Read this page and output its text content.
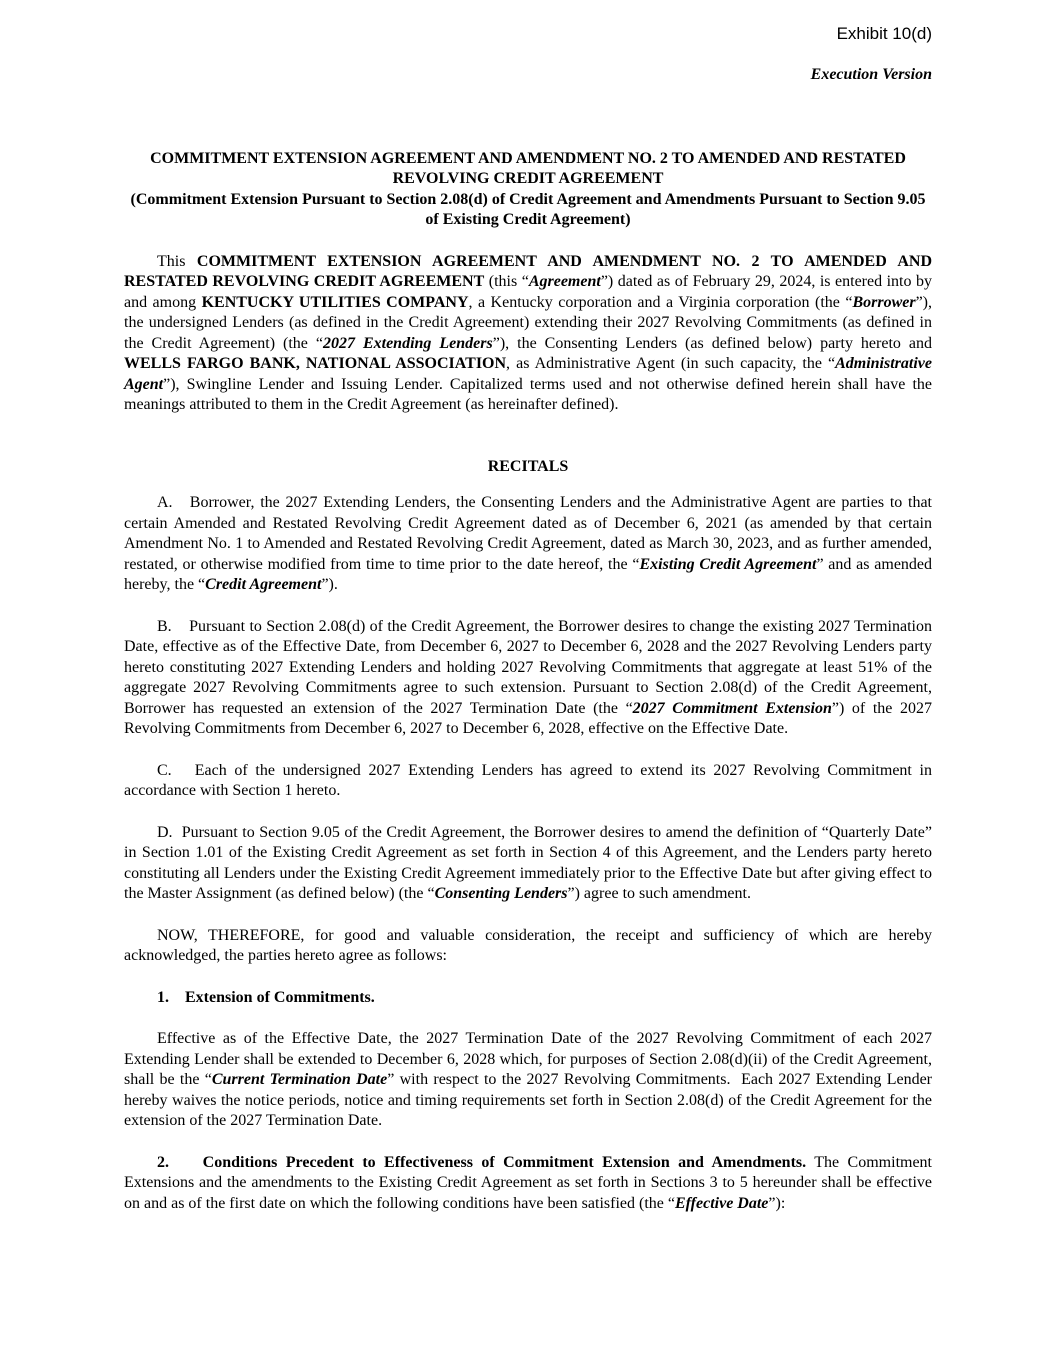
Exhibit 10(d)
Execution Version
COMMITMENT EXTENSION AGREEMENT AND AMENDMENT NO. 2 TO AMENDED AND RESTATED REVOLVING CREDIT AGREEMENT
(Commitment Extension Pursuant to Section 2.08(d) of Credit Agreement and Amendments Pursuant to Section 9.05 of Existing Credit Agreement)

This COMMITMENT EXTENSION AGREEMENT AND AMENDMENT NO. 2 TO AMENDED AND RESTATED REVOLVING CREDIT AGREEMENT (this “Agreement”) dated as of February 29, 2024, is entered into by and among KENTUCKY UTILITIES COMPANY, a Kentucky corporation and a Virginia corporation (the “Borrower”), the undersigned Lenders (as defined in the Credit Agreement) extending their 2027 Revolving Commitments (as defined in the Credit Agreement) (the “2027 Extending Lenders”), the Consenting Lenders (as defined below) party hereto and WELLS FARGO BANK, NATIONAL ASSOCIATION, as Administrative Agent (in such capacity, the “Administrative Agent”), Swingline Lender and Issuing Lender. Capitalized terms used and not otherwise defined herein shall have the meanings attributed to them in the Credit Agreement (as hereinafter defined).

RECITALS

A.   Borrower, the 2027 Extending Lenders, the Consenting Lenders and the Administrative Agent are parties to that certain Amended and Restated Revolving Credit Agreement dated as of December 6, 2021 (as amended by that certain Amendment No. 1 to Amended and Restated Revolving Credit Agreement, dated as March 30, 2023, and as further amended, restated, or otherwise modified from time to time prior to the date hereof, the “Existing Credit Agreement” and as amended hereby, the “Credit Agreement”).

B.    Pursuant to Section 2.08(d) of the Credit Agreement, the Borrower desires to change the existing 2027 Termination Date, effective as of the Effective Date, from December 6, 2027 to December 6, 2028 and the 2027 Revolving Lenders party hereto constituting 2027 Extending Lenders and holding 2027 Revolving Commitments that aggregate at least 51% of the aggregate 2027 Revolving Commitments agree to such extension. Pursuant to Section 2.08(d) of the Credit Agreement, Borrower has requested an extension of the 2027 Termination Date (the “2027 Commitment Extension”) of the 2027 Revolving Commitments from December 6, 2027 to December 6, 2028, effective on the Effective Date.

C.   Each of the undersigned 2027 Extending Lenders has agreed to extend its 2027 Revolving Commitment in accordance with Section 1 hereto.

D.  Pursuant to Section 9.05 of the Credit Agreement, the Borrower desires to amend the definition of “Quarterly Date” in Section 1.01 of the Existing Credit Agreement as set forth in Section 4 of this Agreement, and the Lenders party hereto constituting all Lenders under the Existing Credit Agreement immediately prior to the Effective Date but after giving effect to the Master Assignment (as defined below) (the “Consenting Lenders”) agree to such amendment.

NOW, THEREFORE, for good and valuable consideration, the receipt and sufficiency of which are hereby acknowledged, the parties hereto agree as follows:

1.    Extension of Commitments.

Effective as of the Effective Date, the 2027 Termination Date of the 2027 Revolving Commitment of each 2027 Extending Lender shall be extended to December 6, 2028 which, for purposes of Section 2.08(d)(ii) of the Credit Agreement, shall be the “Current Termination Date” with respect to the 2027 Revolving Commitments.  Each 2027 Extending Lender hereby waives the notice periods, notice and timing requirements set forth in Section 2.08(d) of the Credit Agreement for the extension of the 2027 Termination Date.

2.    Conditions Precedent to Effectiveness of Commitment Extension and Amendments. The Commitment Extensions and the amendments to the Existing Credit Agreement as set forth in Sections 3 to 5 hereunder shall be effective on and as of the first date on which the following conditions have been satisfied (the “Effective Date”):
